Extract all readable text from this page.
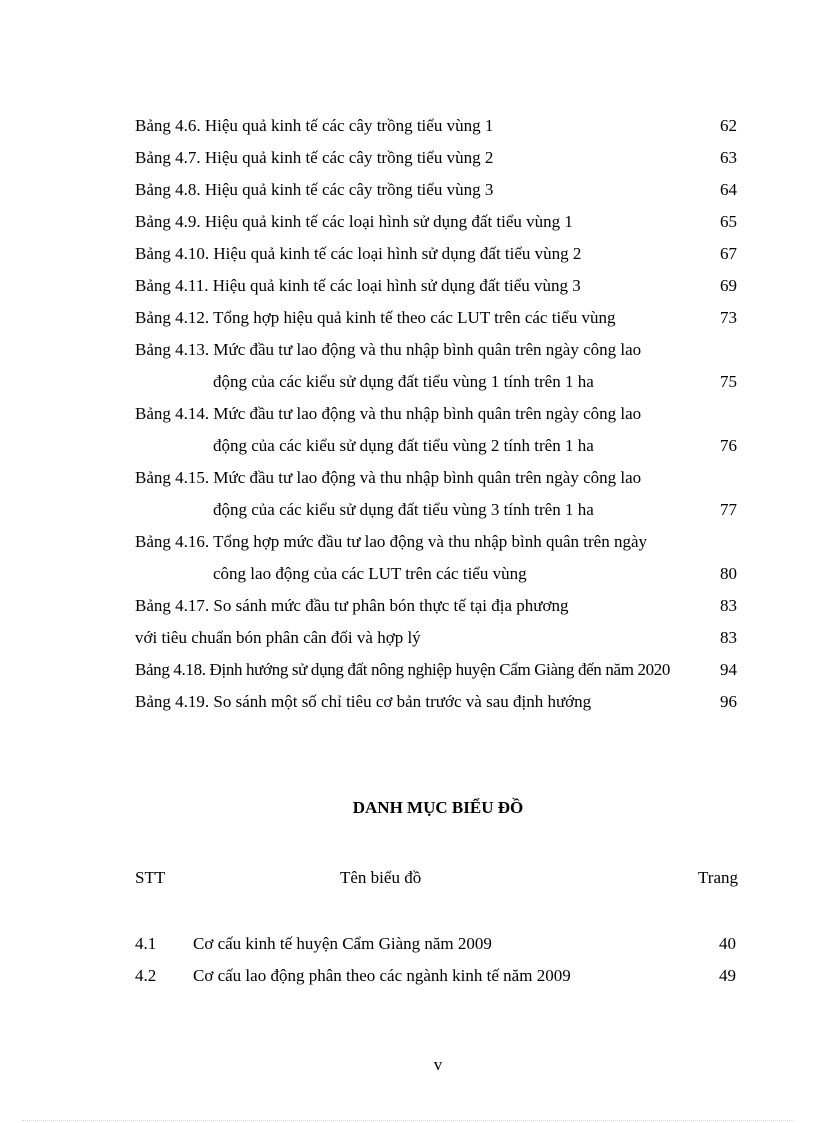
Bảng 4.6. Hiệu quả kinh tế các cây trồng tiểu vùng 1	62
Bảng 4.7. Hiệu quả kinh tế các cây trồng tiểu vùng 2	63
Bảng 4.8. Hiệu quả kinh tế các cây trồng tiểu vùng 3	64
Bảng 4.9. Hiệu quả kinh tế các loại hình sử dụng đất tiểu vùng 1	65
Bảng 4.10. Hiệu quả kinh tế các loại hình sử dụng đất tiểu vùng 2	67
Bảng 4.11. Hiệu quả kinh tế các loại hình sử dụng đất tiểu vùng 3	69
Bảng 4.12. Tổng hợp hiệu quả kinh tế theo các LUT trên các tiểu vùng	73
Bảng 4.13. Mức đầu tư lao động và thu nhập bình quân trên ngày công lao
động của các kiểu sử dụng đất tiểu vùng 1 tính trên 1 ha	75
Bảng 4.14. Mức đầu tư lao động và thu nhập bình quân trên ngày công lao
động của các kiểu sử dụng đất tiểu vùng 2 tính trên 1 ha	76
Bảng 4.15. Mức đầu tư lao động và thu nhập bình quân trên ngày công lao
động của các kiểu sử dụng đất tiểu vùng 3 tính trên 1 ha	77
Bảng 4.16. Tổng hợp mức đầu tư lao động và thu nhập bình quân trên ngày
công lao động của các LUT trên các tiểu vùng	80
Bảng 4.17. So sánh mức đầu tư phân bón thực tế tại địa phương	83
với tiêu chuẩn bón phân cân đối và hợp lý	83
Bảng 4.18. Định hướng sử dụng đất nông nghiệp huyện Cẩm Giàng đến năm 2020	94
Bảng 4.19. So sánh một số chỉ tiêu cơ bản trước và sau định hướng	96
DANH MỤC BIỂU ĐỒ
STT	Tên biểu đồ	Trang
4.1 Cơ cấu kinh tế huyện Cẩm Giàng năm 2009	40
4.2 Cơ cấu lao động phân theo các ngành kinh tế năm 2009	49
v
